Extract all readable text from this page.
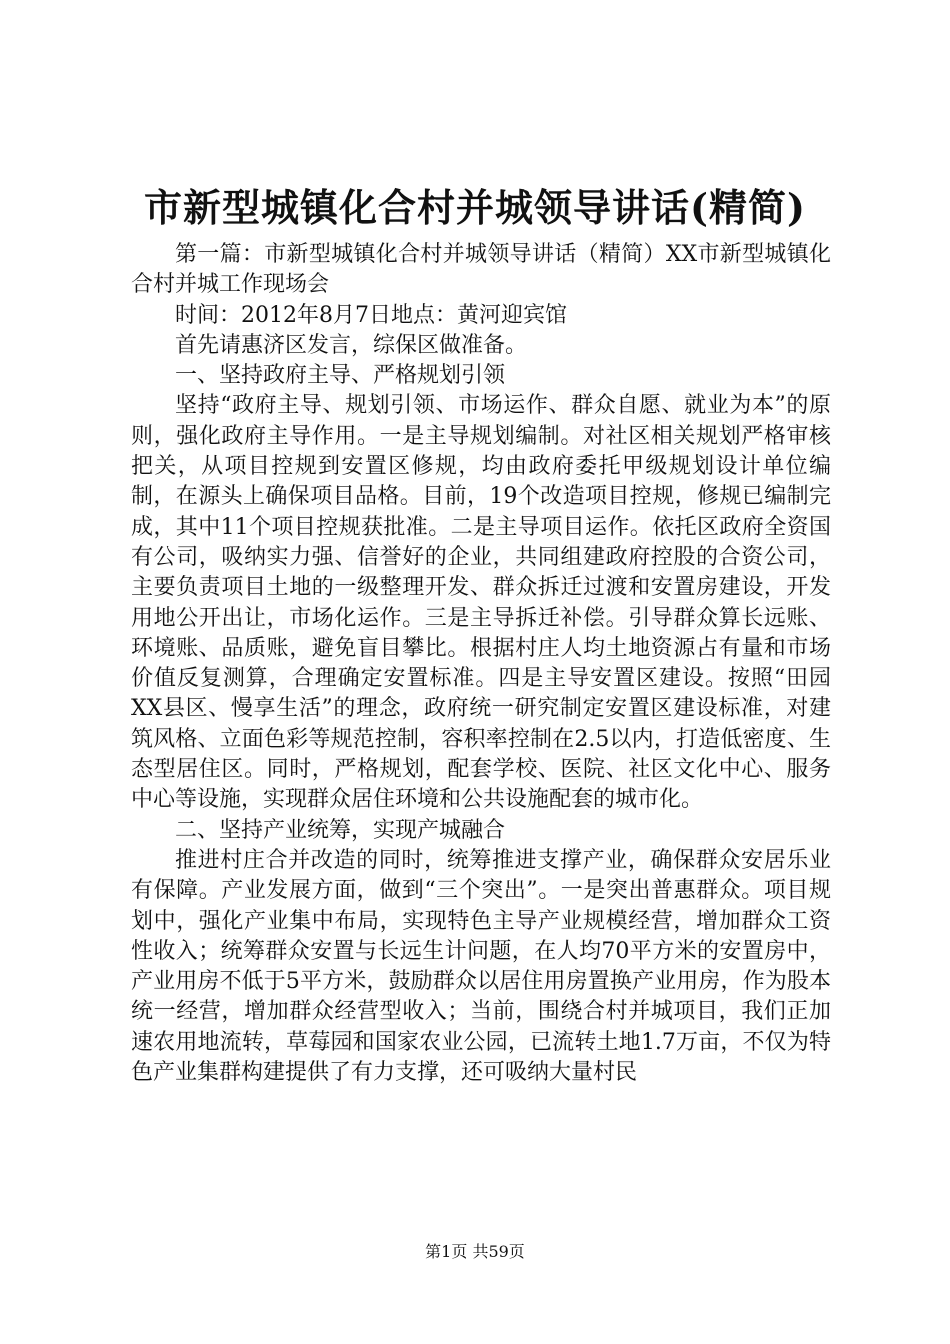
市新型城镇化合村并城领导讲话(精简)

第一篇：市新型城镇化合村并城领导讲话（精简）XX市新型城镇化合村并城工作现场会

时间：2012年8月7日地点：黄河迎宾馆

首先请惠济区发言，综保区做准备。

一、坚持政府主导、严格规划引领

坚持“政府主导、规划引领、市场运作、群众自愿、就业为本”的原则，强化政府主导作用。一是主导规划编制。对社区相关规划严格审核把关，从项目控规到安置区修规，均由政府委托甲级规划设计单位编制，在源头上确保项目品格。目前，19个改造项目控规，修规已编制完成，其中11个项目控规获批准。二是主导项目运作。依托区政府全资国有公司，吸纳实力强、信誉好的企业，共同组建政府控股的合资公司，主要负责项目土地的一级整理开发、群众拆迁过渡和安置房建设，开发用地公开出让，市场化运作。三是主导拆迁补偿。引导群众算长远账、环境账、品质账，避免盲目攀比。根据村庄人均土地资源占有量和市场价值反复测算，合理确定安置标准。四是主导安置区建设。按照“田园XX县区、慢享生活”的理念，政府统一研究制定安置区建设标准，对建筑风格、立面色彩等规范控制，容积率控制在2.5以内，打造低密度、生态型居住区。同时，严格规划，配套学校、医院、社区文化中心、服务中心等设施，实现群众居住环境和公共设施配套的城市化。

二、坚持产业统筹，实现产城融合

推进村庄合并改造的同时，统筹推进支撑产业，确保群众安居乐业有保障。产业发展方面，做到“三个突出”。一是突出普惠群众。项目规划中，强化产业集中布局，实现特色主导产业规模经营，增加群众工资性收入；统筹群众安置与长远生计问题，在人均70平方米的安置房中，产业用房不低于5平方米，鼓励群众以居住用房置换产业用房，作为股本统一经营，增加群众经营型收入；当前，围绕合村并城项目，我们正加速农用地流转，草莓园和国家农业公园，已流转土地1.7万亩，不仅为特色产业集群构建提供了有力支撑，还可吸纳大量村民

第1页 共59页
